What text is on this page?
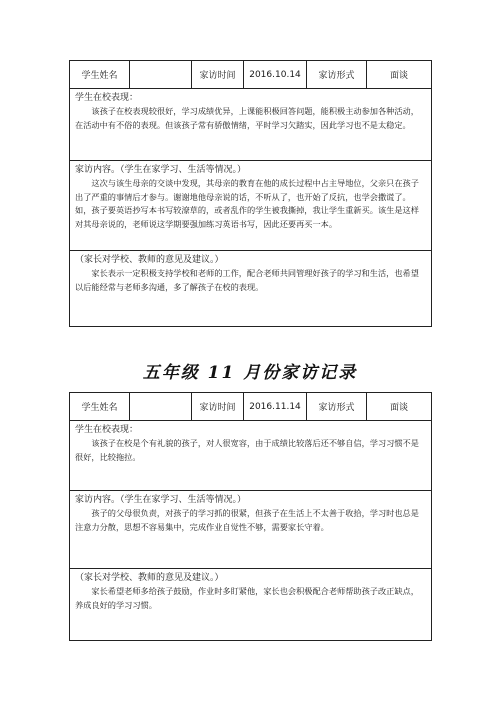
学生姓名	家访时间	2016.10.14	家访形式	面谈
学生在校表现：

该孩子在校表现较很好，学习成绩优异，上课能积极回答问题，能积极主动参加各种活动，在活动中有不俗的表现。但该孩子常有骄傲情绪，平时学习欠踏实，因此学习也不是太稳定。

家访内容。（学生在家学习、生活等情况。）

这次与该生母亲的交谈中发现，其母亲的教育在他的成长过程中占主导地位，父亲只在孩子出了严重的事情后才参与。谢谢地他母亲说的话，不听从了，也开始了反抗，也学会撒谎了。如，孩子要英语抄写本书写较潦草的，或者乱作的学生被我撕掉，我让学生重新买。该生是这样对其母亲说的，老师说这学期要强加练习英语书写，因此还要再买一本。

（家长对学校、教师的意见及建议。）

家长表示一定积极支持学校和老师的工作，配合老师共同管理好孩子的学习和生活，也希望以后能经常与老师多沟通，多了解孩子在校的表现。

五年级 11 月份家访记录
学生姓名	家访时间	2016.11.14	家访形式	面谈
学生在校表现：

该孩子在校是个有礼貌的孩子，对人很宽容，由于成绩比较落后还不够自信，学习习惯不是很好，比较拖拉。

家访内容。（学生在家学习、生活等情况。）

孩子的父母很负责，对孩子的学习抓的很紧，但孩子在生活上不太善于收拾，学习时也总是注意力分散，思想不容易集中，完成作业自觉性不够，需要家长守着。

（家长对学校、教师的意见及建议。）

家长希望老师多给孩子鼓励，作业时多盯紧他，家长也会积极配合老师帮助孩子改正缺点，养成良好的学习习惯。
